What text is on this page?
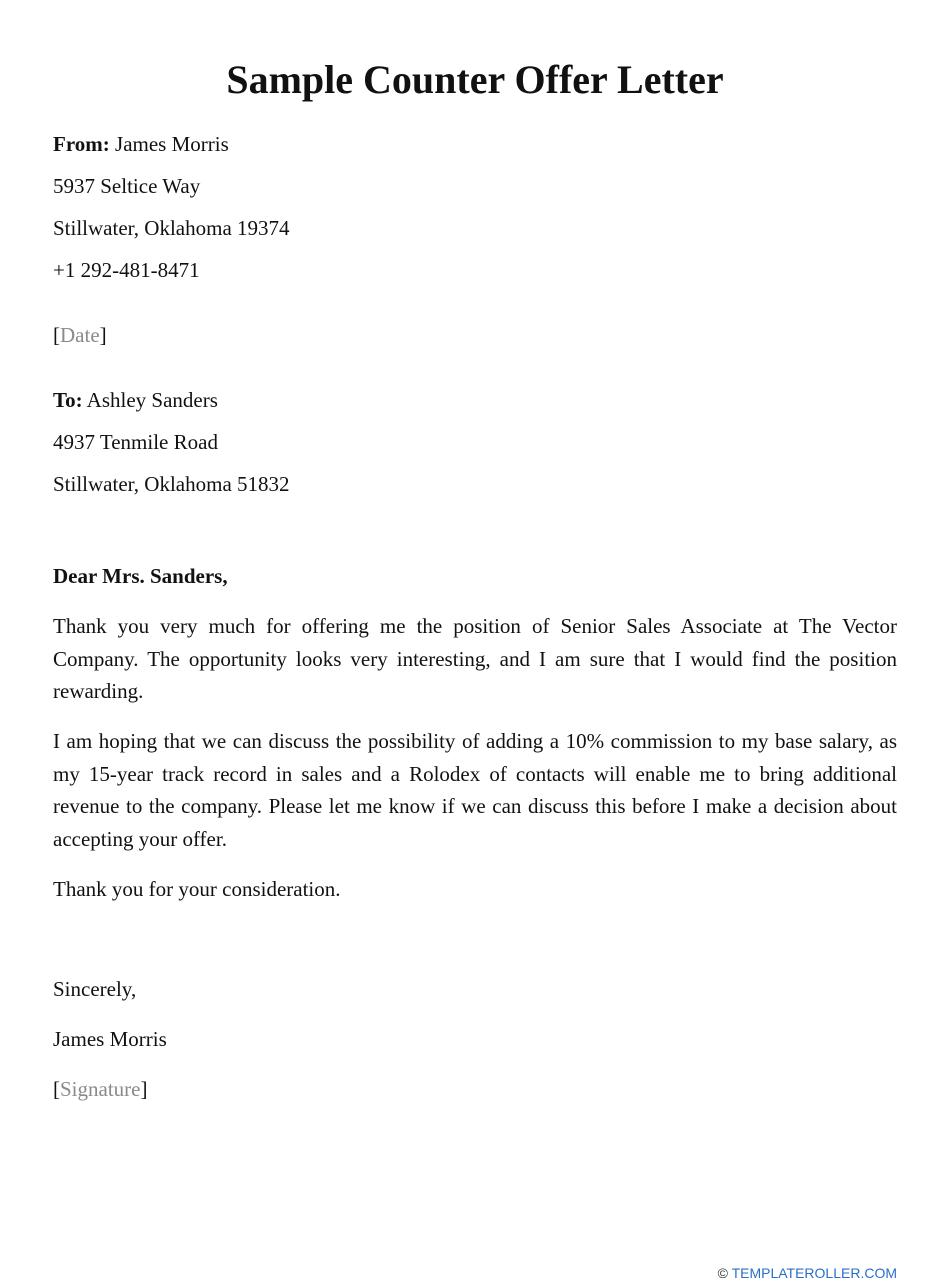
Sample Counter Offer Letter
From: James Morris
5937 Seltice Way
Stillwater, Oklahoma 19374
+1 292-481-8471
[Date]
To: Ashley Sanders
4937 Tenmile Road
Stillwater, Oklahoma 51832
Dear Mrs. Sanders,

Thank you very much for offering me the position of Senior Sales Associate at The Vector Company. The opportunity looks very interesting, and I am sure that I would find the position rewarding.

I am hoping that we can discuss the possibility of adding a 10% commission to my base salary, as my 15-year track record in sales and a Rolodex of contacts will enable me to bring additional revenue to the company. Please let me know if we can discuss this before I make a decision about accepting your offer.

Thank you for your consideration.

Sincerely,
James Morris
[Signature]
© TEMPLATEROLLER.COM
